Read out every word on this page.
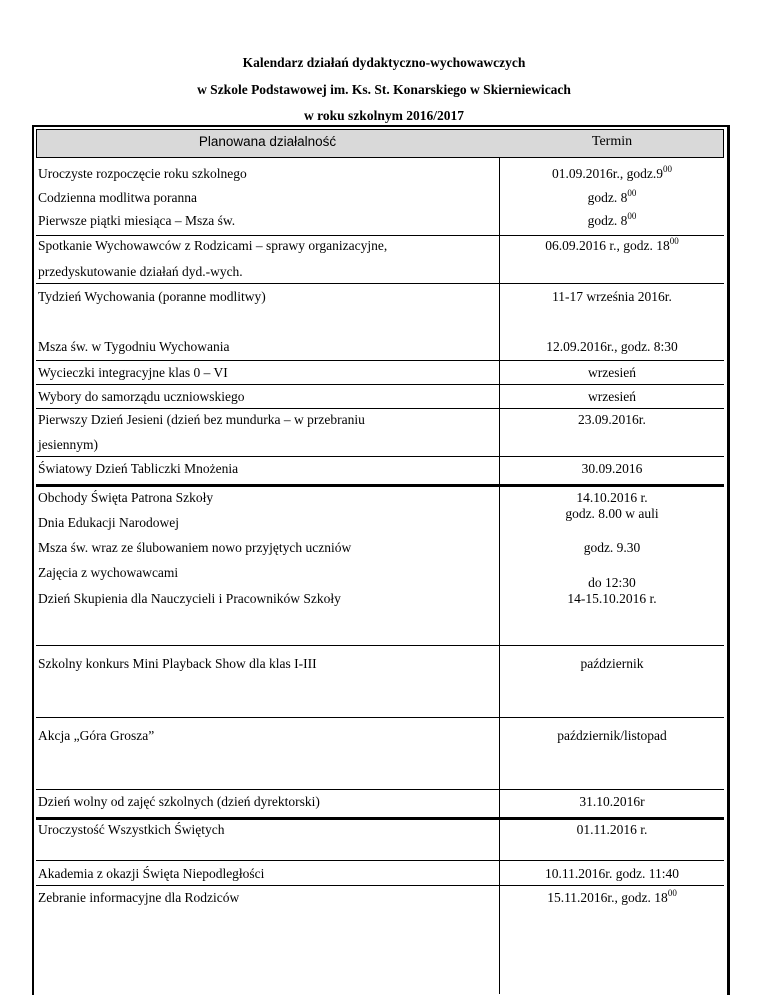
Kalendarz działań dydaktyczno-wychowawczych
w Szkole Podstawowej im. Ks. St. Konarskiego w Skierniewicach
w roku szkolnym 2016/2017
Planowana działalność	Termin
Uroczyste rozpoczęcie roku szkolnego
Codzienna modlitwa poranna
Pierwsze piątki miesiąca – Msza św.
Spotkanie Wychowawców z Rodzicami – sprawy organizacyjne,
przedyskutowanie działań dyd.-wych.
Tydzień Wychowania (poranne modlitwy)
Msza św. w Tygodniu Wychowania
Wycieczki integracyjne klas 0 – VI
Wybory do samorządu uczniowskiego
Pierwszy Dzień Jesieni (dzień bez mundurka – w przebraniu
jesiennym)
Światowy Dzień Tabliczki Mnożenia
Obchody Święta Patrona Szkoły
Dnia Edukacji Narodowej
Msza św. wraz ze ślubowaniem nowo przyjętych uczniów
Zajęcia z wychowawcami
Dzień Skupienia dla Nauczycieli i Pracowników Szkoły
Szkolny konkurs Mini Playback Show dla klas I-III
Akcja „Góra Grosza”
Dzień wolny od zajęć szkolnych (dzień dyrektorski)
Uroczystość Wszystkich Świętych
Akademia z okazji Święta Niepodległości
Zebranie informacyjne dla Rodziców
01.09.2016r., $godz.9^{00}$
godz. $8^{00}$
godz. $8^{00}$
06.09.2016 r., godz. $18^{00}$
11-17 września 2016r.
12.09.2016r., godz. 8:30
wrzesień
wrzesień
23.09.2016r.
30.09.2016
14.10.2016 r.
godz. 8.00 w auli
godz. 9.30
do 12:30
14-15.10.2016 r.
październik
październik/listopad
31.10.2016r
01.11.2016 r.
10.11.2016r. godz. 11:40
15.11.2016r., godz. $18^{00}$
